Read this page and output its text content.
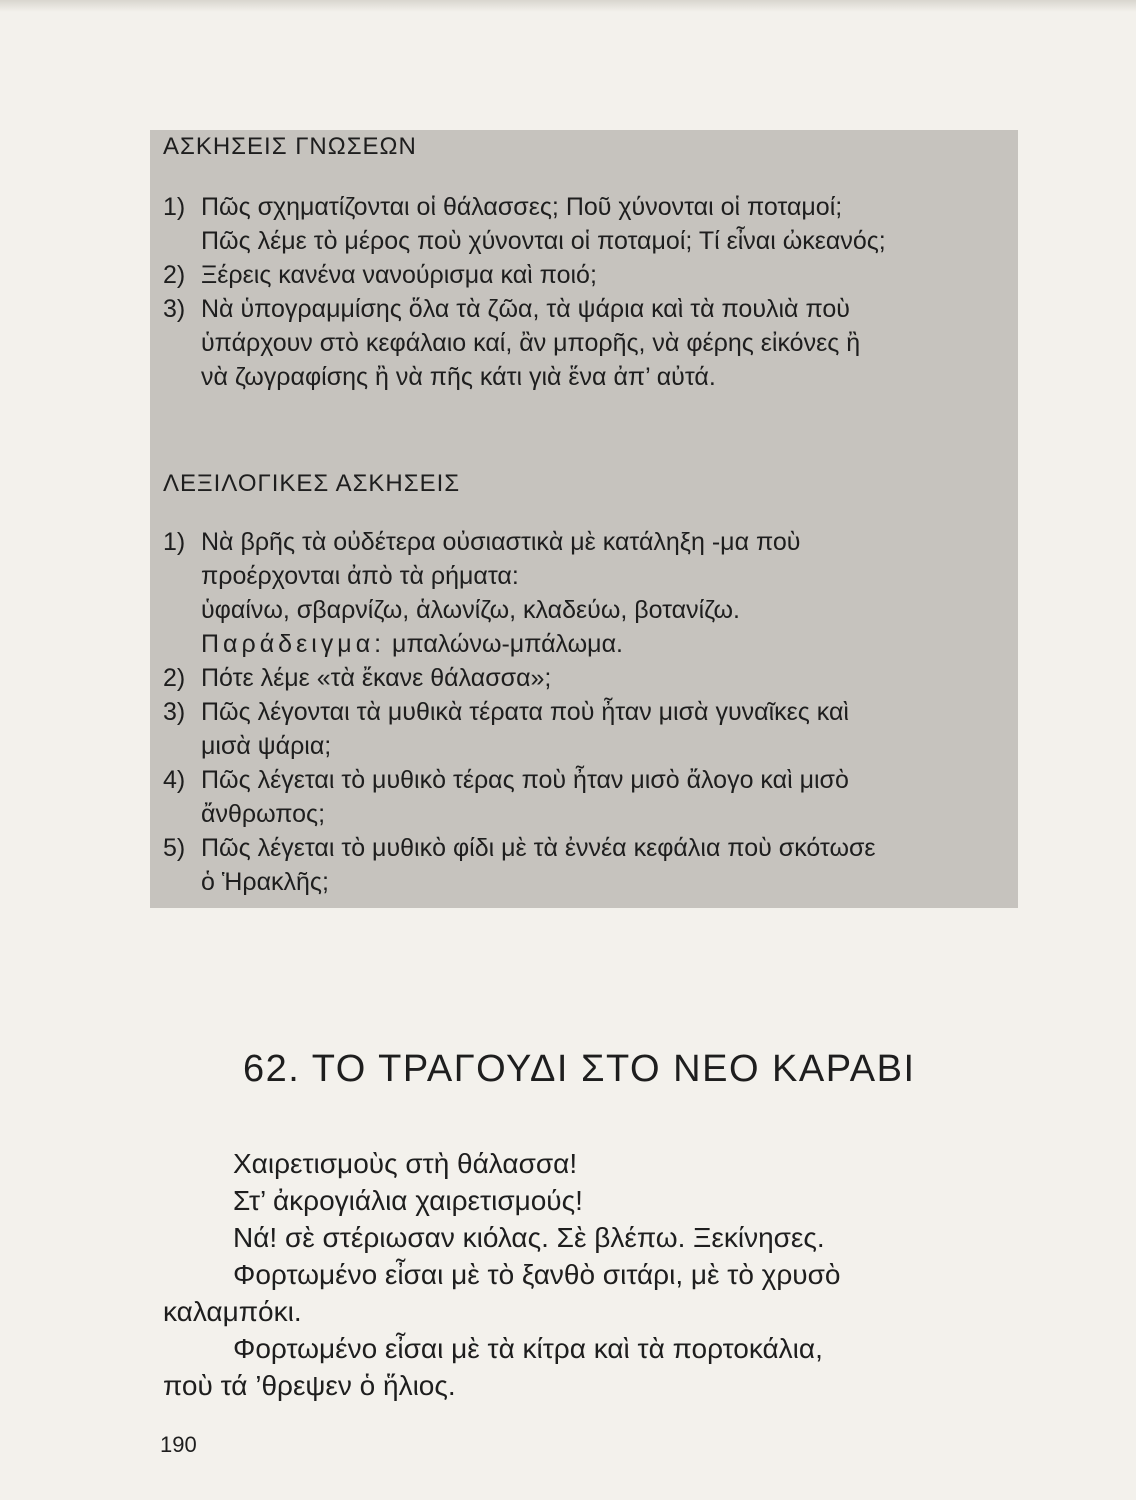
ΑΣΚΗΣΕΙΣ ΓΝΩΣΕΩΝ
1) Πῶς σχηματίζονται οἱ θάλασσες; Ποῦ χύνονται οἱ ποταμοί;
Πῶς λέμε τὸ μέρος ποὺ χύνονται οἱ ποταμοί; Τί εἶναι ὠκεανός;
2) Ξέρεις κανένα νανούρισμα καὶ ποιό;
3) Νὰ ὑπογραμμίσης ὅλα τὰ ζῶα, τὰ ψάρια καὶ τὰ πουλιὰ ποὺ
ὑπάρχουν στὸ κεφάλαιο καί, ἂν μπορῆς, νὰ φέρης εἰκόνες ἢ
νὰ ζωγραφίσης ἢ νὰ πῆς κάτι γιὰ ἕνα ἀπ’ αὐτά.
ΛΕΞΙΛΟΓΙΚΕΣ ΑΣΚΗΣΕΙΣ
1) Νὰ βρῆς τὰ οὐδέτερα οὐσιαστικὰ μὲ κατάληξη -μα ποὺ
προέρχονται ἀπὸ τὰ ρήματα:
ὑφαίνω, σβαρνίζω, ἁλωνίζω, κλαδεύω, βοτανίζω.
Παράδειγμα: μπαλώνω-μπάλωμα.
2) Πότε λέμε «τὰ ἔκανε θάλασσα»;
3) Πῶς λέγονται τὰ μυθικὰ τέρατα ποὺ ἦταν μισὰ γυναῖκες καὶ
μισὰ ψάρια;
4) Πῶς λέγεται τὸ μυθικὸ τέρας ποὺ ἦταν μισὸ ἄλογο καὶ μισὸ
ἄνθρωπος;
5) Πῶς λέγεται τὸ μυθικὸ φίδι μὲ τὰ ἐννέα κεφάλια ποὺ σκότωσε
ὁ Ἡρακλῆς;
62. ΤΟ ΤΡΑΓΟΥΔΙ ΣΤΟ ΝΕΟ ΚΑΡΑΒΙ
Χαιρετισμοὺς στὴ θάλασσα!
Στ’ ἀκρογιάλια χαιρετισμούς!
Νά! σὲ στέριωσαν κιόλας. Σὲ βλέπω. Ξεκίνησες.
Φορτωμένο εἶσαι μὲ τὸ ξανθὸ σιτάρι, μὲ τὸ χρυσὸ
καλαμπόκι.
Φορτωμένο εἶσαι μὲ τὰ κίτρα καὶ τὰ πορτοκάλια,
ποὺ τά ’θρεψεν ὁ ἥλιος.
190
